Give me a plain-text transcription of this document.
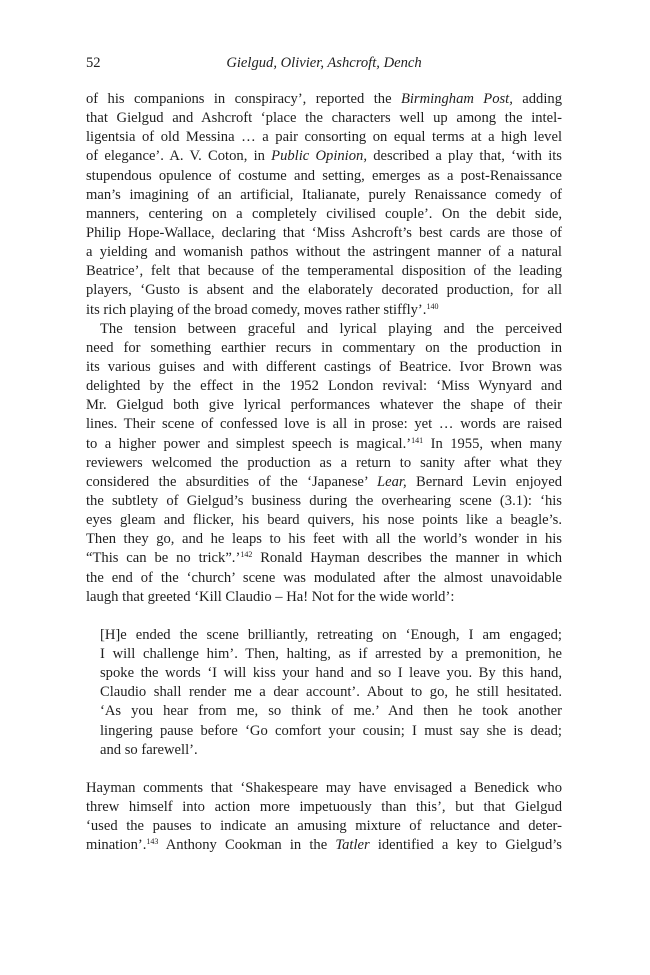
52	Gielgud, Olivier, Ashcroft, Dench
of his companions in conspiracy’, reported the Birmingham Post, adding
that Gielgud and Ashcroft ‘place the characters well up among the intel-
ligentsia of old Messina … a pair consorting on equal terms at a high level
of elegance’. A. V. Coton, in Public Opinion, described a play that, ‘with its
stupendous opulence of costume and setting, emerges as a post-Renaissance
man’s imagining of an artificial, Italianate, purely Renaissance comedy of
manners, centering on a completely civilised couple’. On the debit side,
Philip Hope-Wallace, declaring that ‘Miss Ashcroft’s best cards are those of
a yielding and womanish pathos without the astringent manner of a natural
Beatrice’, felt that because of the temperamental disposition of the leading
players, ‘Gusto is absent and the elaborately decorated production, for all
its rich playing of the broad comedy, moves rather stiffly’.$^{140}$
The tension between graceful and lyrical playing and the perceived
need for something earthier recurs in commentary on the production in
its various guises and with different castings of Beatrice. Ivor Brown was
delighted by the effect in the 1952 London revival: ‘Miss Wynyard and
Mr. Gielgud both give lyrical performances whatever the shape of their
lines. Their scene of confessed love is all in prose: yet … words are raised
to a higher power and simplest speech is magical.’$^{141}$ In 1955, when many
reviewers welcomed the production as a return to sanity after what they
considered the absurdities of the ‘Japanese’ Lear, Bernard Levin enjoyed
the subtlety of Gielgud’s business during the overhearing scene (3.1): ‘his
eyes gleam and flicker, his beard quivers, his nose points like a beagle’s.
Then they go, and he leaps to his feet with all the world’s wonder in his
“This can be no trick”.’$^{142}$ Ronald Hayman describes the manner in which
the end of the ‘church’ scene was modulated after the almost unavoidable
laugh that greeted ‘Kill Claudio – Ha! Not for the wide world’:
[H]e ended the scene brilliantly, retreating on ‘Enough, I am engaged;
I will challenge him’. Then, halting, as if arrested by a premonition, he
spoke the words ‘I will kiss your hand and so I leave you. By this hand,
Claudio shall render me a dear account’. About to go, he still hesitated.
‘As you hear from me, so think of me.’ And then he took another
lingering pause before ‘Go comfort your cousin; I must say she is dead;
and so farewell’.
Hayman comments that ‘Shakespeare may have envisaged a Benedick who
threw himself into action more impetuously than this’, but that Gielgud
‘used the pauses to indicate an amusing mixture of reluctance and deter-
mination’.$^{143}$ Anthony Cookman in the Tatler identified a key to Gielgud’s
